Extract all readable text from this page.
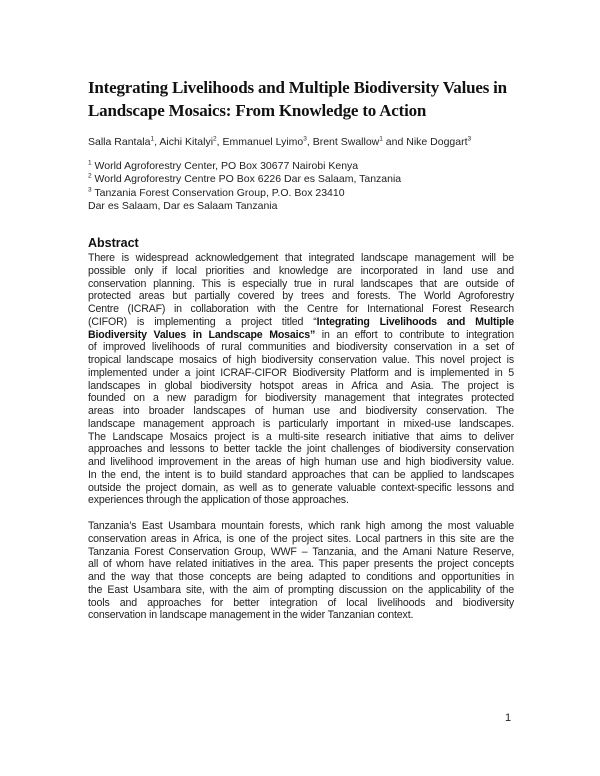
Integrating Livelihoods and Multiple Biodiversity Values in
Landscape Mosaics: From Knowledge to Action
Salla Rantala$^1$, Aichi Kitalyi$^2$, Emmanuel Lyimo$^3$, Brent Swallow$^1$ and Nike Doggart$^3$
$^1$ World Agroforestry Center, PO Box 30677 Nairobi Kenya
$^2$ World Agroforestry Centre PO Box 6226 Dar es Salaam, Tanzania
$^3$ Tanzania Forest Conservation Group, P.O. Box 23410
Dar es Salaam, Dar es Salaam Tanzania
Abstract
There is widespread acknowledgement that integrated landscape management will be
possible only if local priorities and knowledge are incorporated in land use and
conservation planning. This is especially true in rural landscapes that are outside of
protected areas but partially covered by trees and forests. The World Agroforestry
Centre (ICRAF) in collaboration with the Centre for International Forest Research
(CIFOR) is implementing a project titled “Integrating Livelihoods and Multiple
Biodiversity Values in Landscape Mosaics” in an effort to contribute to integration
of improved livelihoods of rural communities and biodiversity conservation in a set of
tropical landscape mosaics of high biodiversity conservation value. This novel project is
implemented under a joint ICRAF-CIFOR Biodiversity Platform and is implemented in 5
landscapes in global biodiversity hotspot areas in Africa and Asia. The project is
founded on a new paradigm for biodiversity management that integrates protected
areas into broader landscapes of human use and biodiversity conservation. The
landscape management approach is particularly important in mixed-use landscapes.
The Landscape Mosaics project is a multi-site research initiative that aims to deliver
approaches and lessons to better tackle the joint challenges of biodiversity conservation
and livelihood improvement in the areas of high human use and high biodiversity value.
In the end, the intent is to build standard approaches that can be applied to landscapes
outside the project domain, as well as to generate valuable context-specific lessons and
experiences through the application of those approaches.
Tanzania’s East Usambara mountain forests, which rank high among the most valuable
conservation areas in Africa, is one of the project sites. Local partners in this site are the
Tanzania Forest Conservation Group, WWF – Tanzania, and the Amani Nature Reserve,
all of whom have related initiatives in the area. This paper presents the project concepts
and the way that those concepts are being adapted to conditions and opportunities in
the East Usambara site, with the aim of prompting discussion on the applicability of the
tools and approaches for better integration of local livelihoods and biodiversity
conservation in landscape management in the wider Tanzanian context.
1
